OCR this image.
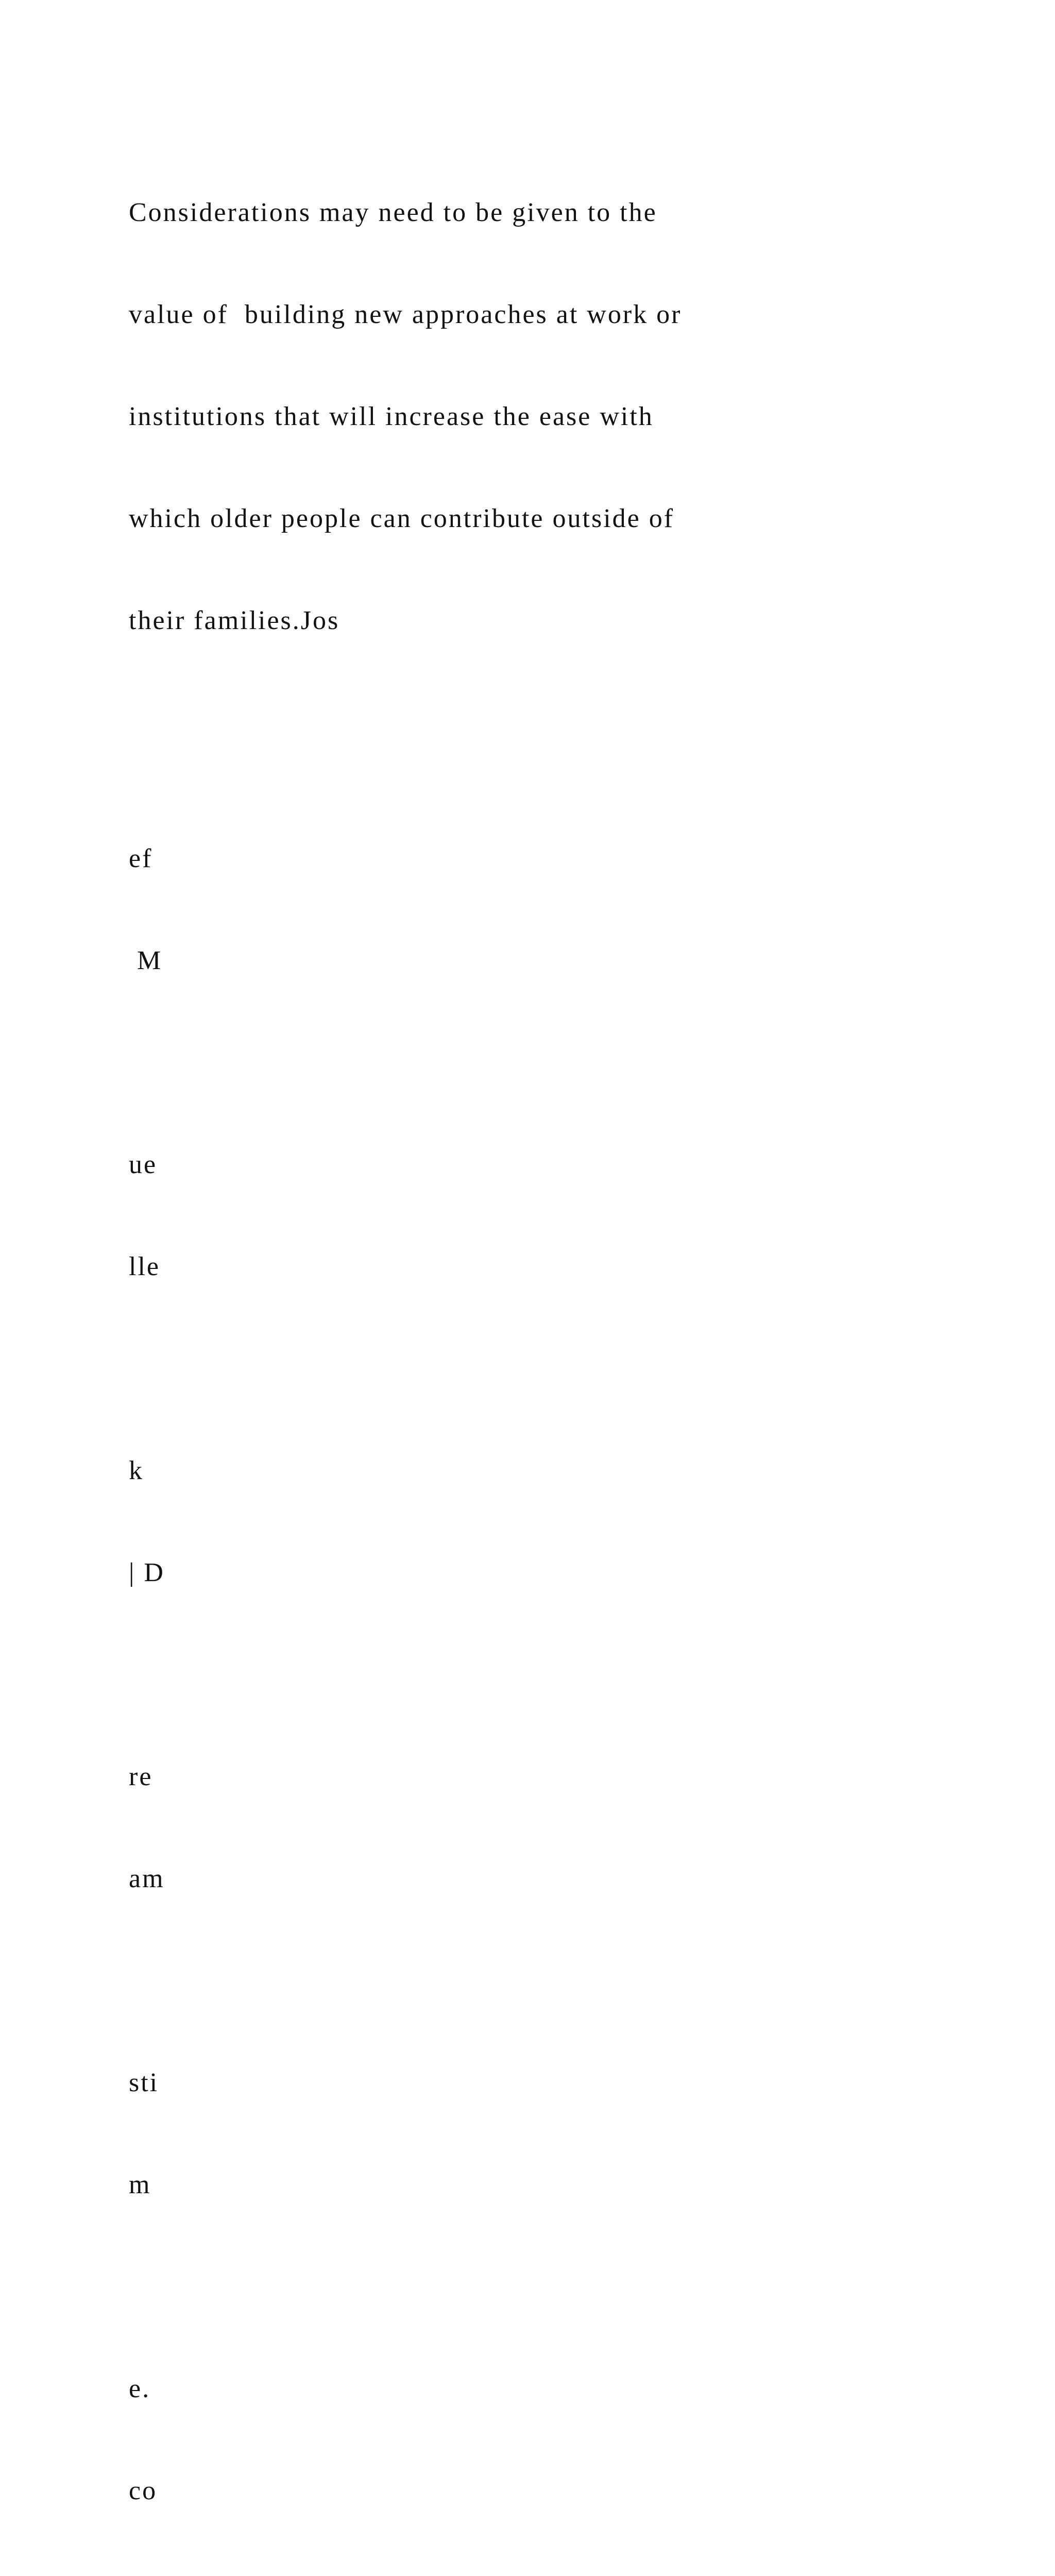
Considerations may need to be given to the

value of  building new approaches at work or

institutions that will increase the ease with

which older people can contribute outside of

their families.Jos

ef

M

ue

lle

k

| D

re

am

sti

m

e.

co
